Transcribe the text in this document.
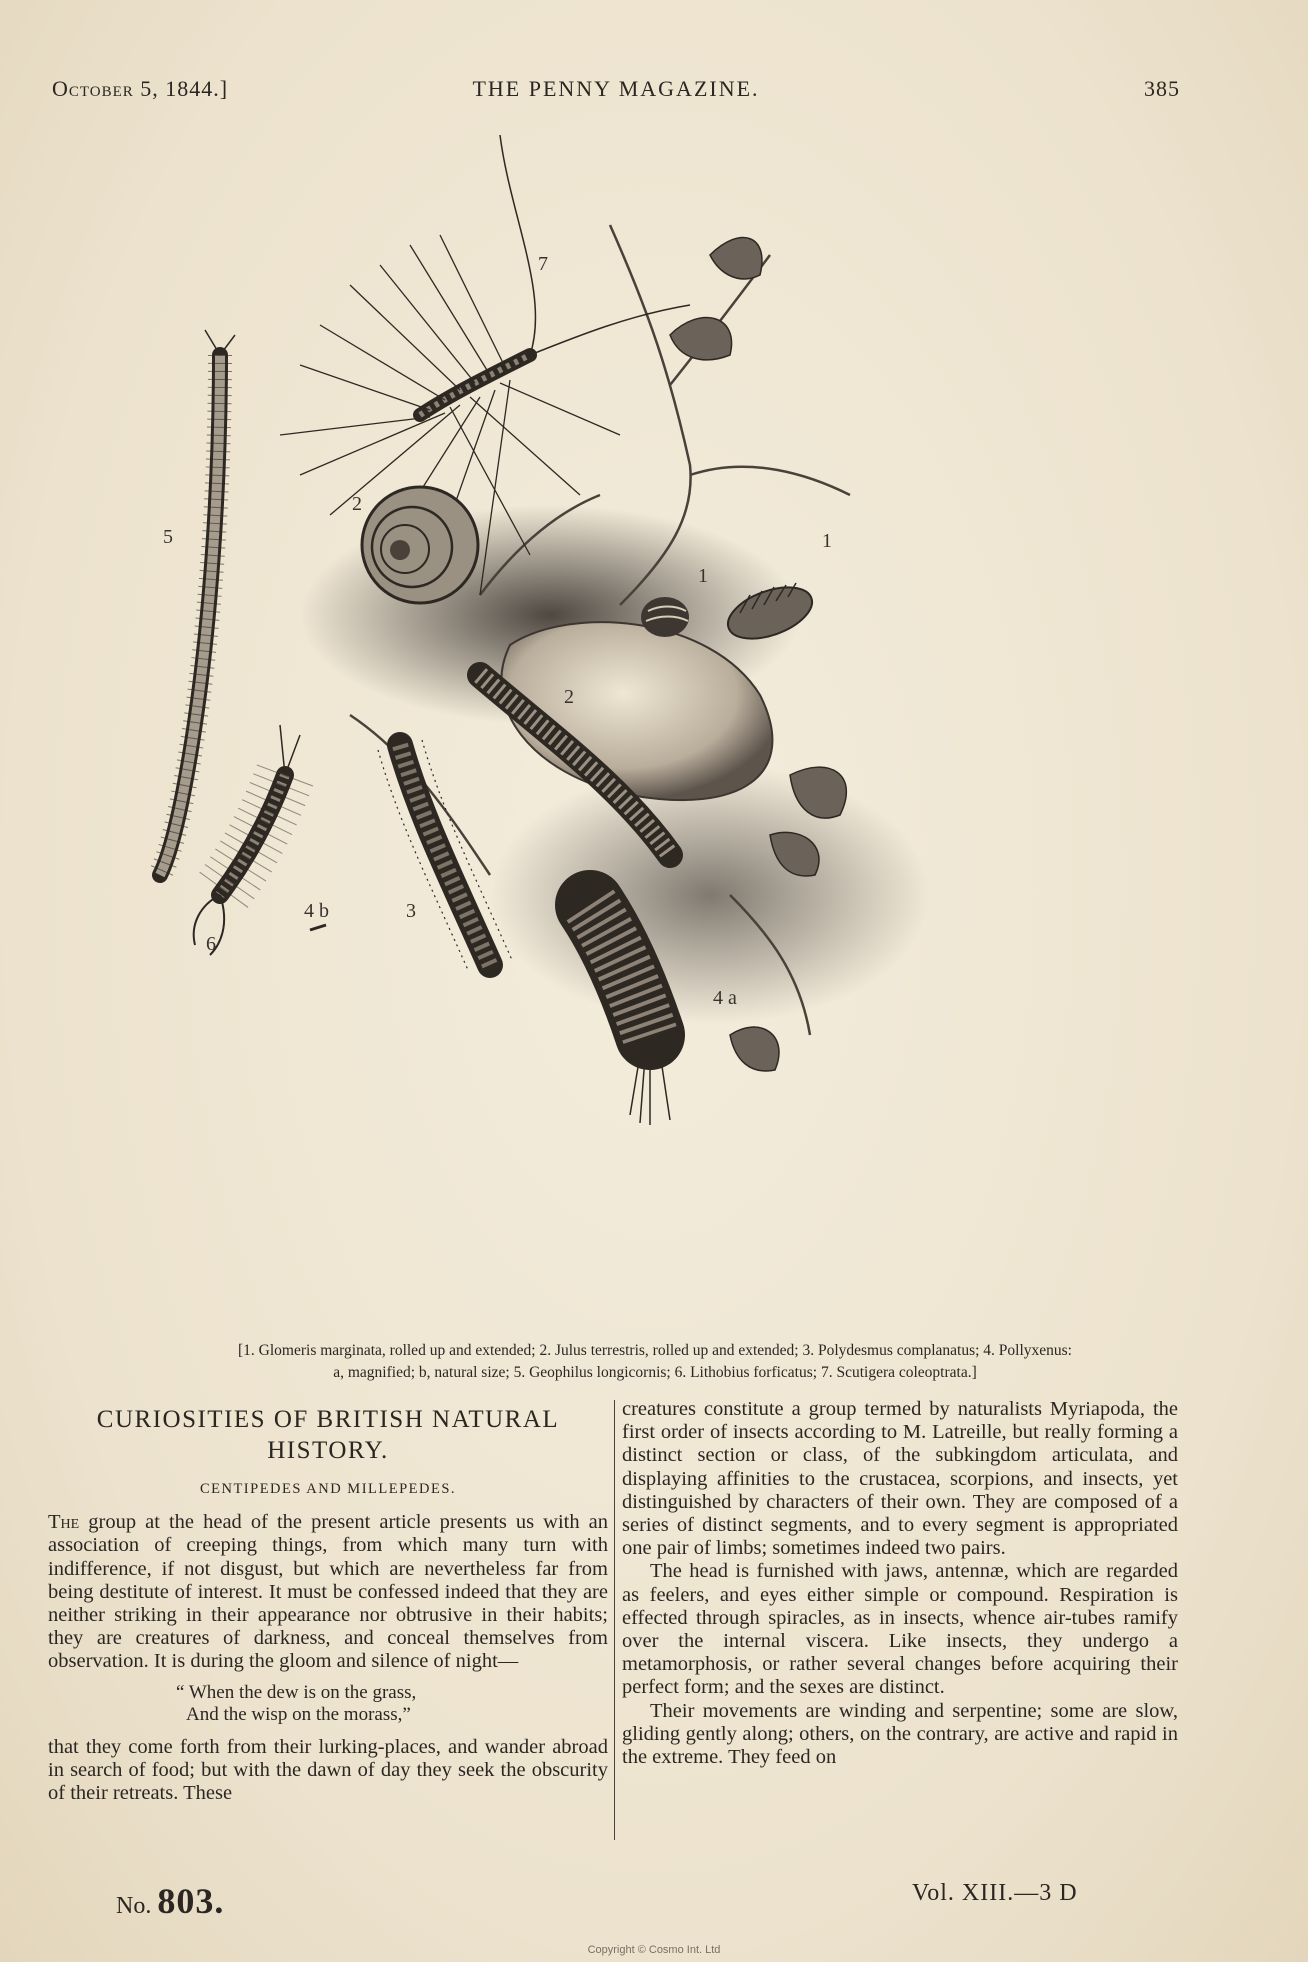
October 5, 1844.]	THE PENNY MAGAZINE.	385
7
2
5	1
1
2
4 b	3
6
4 a
[1. Glomeris marginata, rolled up and extended; 2. Julus terrestris, rolled up and extended; 3. Polydesmus complanatus; 4. Pollyxenus:
a, magnified; b, natural size; 5. Geophilus longicornis; 6. Lithobius forficatus; 7. Scutigera coleoptrata.]
CURIOSITIES OF BRITISH NATURAL HISTORY.
CENTIPEDES AND MILLEPEDES.

The group at the head of the present article presents us with an association of creeping things, from which many turn with indifference, if not disgust, but which are nevertheless far from being destitute of interest. It must be confessed indeed that they are neither striking in their appearance nor obtrusive in their habits; they are creatures of darkness, and conceal themselves from observation. It is during the gloom and silence of night—

“ When the dew is on the grass,
And the wisp on the morass,”

that they come forth from their lurking-places, and wander abroad in search of food; but with the dawn of day they seek the obscurity of their retreats. These

creatures constitute a group termed by naturalists Myriapoda, the first order of insects according to M. Latreille, but really forming a distinct section or class, of the subkingdom articulata, and displaying affinities to the crustacea, scorpions, and insects, yet distinguished by characters of their own. They are composed of a series of distinct segments, and to every segment is appropriated one pair of limbs; sometimes indeed two pairs.

The head is furnished with jaws, antennæ, which are regarded as feelers, and eyes either simple or compound. Respiration is effected through spiracles, as in insects, whence air-tubes ramify over the internal viscera. Like insects, they undergo a metamorphosis, or rather several changes before acquiring their perfect form; and the sexes are distinct.

Their movements are winding and serpentine; some are slow, gliding gently along; others, on the contrary, are active and rapid in the extreme. They feed on

No. 803.	Vol. XIII.—3 D
Copyright © Cosmo Int. Ltd
